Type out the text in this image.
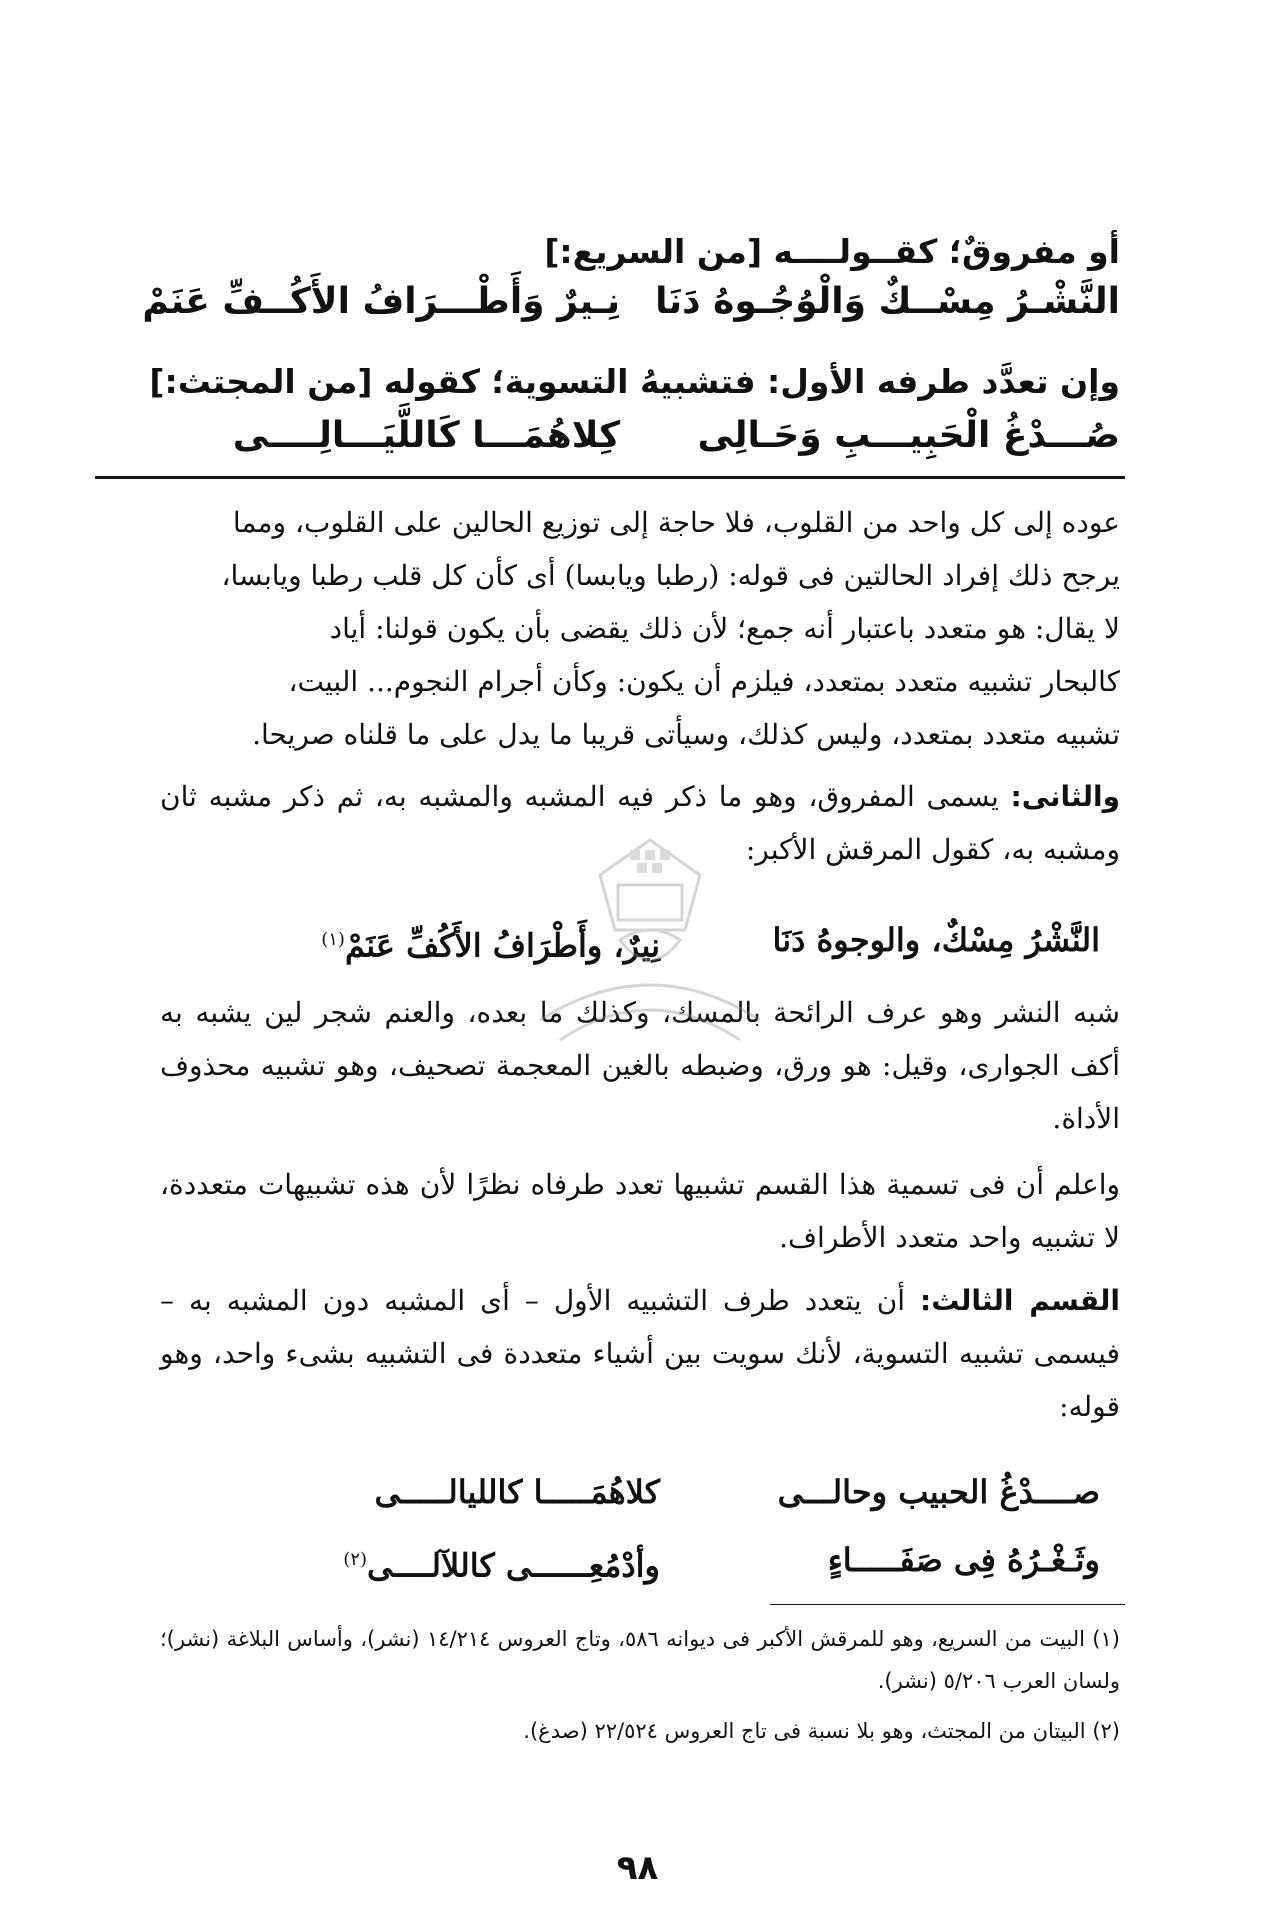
أو مفروقٌ؛ كقــولــــه [من السريع:]
النَّشْـرُ مِسْــكٌ وَالْوُجُـوهُ دَنَا
نِـيرٌ وَأَطْـــرَافُ الأَكُــفِّ عَنَمْ
وإن تعدَّد طرفه الأول: فتشبيهُ التسوية؛ كقوله [من المجتث:]
صُـــدْغُ الْحَبِيـــبِ وَحَـالِى
كِلاهُمَـــا كَاللَّيَـــالِــــى
عوده إلى كل واحد من القلوب، فلا حاجة إلى توزيع الحالين على القلوب، ومما
يرجح ذلك إفراد الحالتين فى قوله: (رطبا ويابسا) أى كأن كل قلب رطبا ويابسا،
لا يقال: هو متعدد باعتبار أنه جمع؛ لأن ذلك يقضى بأن يكون قولنا: أياد
كالبحار تشبيه متعدد بمتعدد، فيلزم أن يكون: وكأن أجرام النجوم... البيت،
تشبيه متعدد بمتعدد، وليس كذلك، وسيأتى قريبا ما يدل على ما قلناه صريحا.
والثانى: يسمى المفروق، وهو ما ذكر فيه المشبه والمشبه به، ثم ذكر مشبه ثان ومشبه به، كقول المرقش الأكبر:
النَّشْرُ مِسْكٌ، والوجوهُ دَنَا
نِيرٌ، وأَطْرَافُ الأَكُفِّ عَنَمْ$^{(١)}$
شبه النشر وهو عرف الرائحة بالمسك، وكذلك ما بعده، والعنم شجر لين يشبه به أكف الجوارى، وقيل: هو ورق، وضبطه بالغين المعجمة تصحيف، وهو تشبيه محذوف الأداة.
واعلم أن فى تسمية هذا القسم تشبيها تعدد طرفاه نظرًا لأن هذه تشبيهات متعددة، لا تشبيه واحد متعدد الأطراف.
القسم الثالث: أن يتعدد طرف التشبيه الأول – أى المشبه دون المشبه به – فيسمى تشبيه التسوية، لأنك سويت بين أشياء متعددة فى التشبيه بشىء واحد، وهو قوله:
صــــدْغُ الحبيب وحالـــى
كلاهُمَـــــا كالليالـــــى
وثَـغْـرُهُ فِى صَفَـــــاءٍ
وأدْمُعِــــــى كاللآلــــى$^{(٢)}$
(١) البيت من السريع، وهو للمرقش الأكبر فى ديوانه ٥٨٦، وتاج العروس ١٤/٢١٤ (نشر)، وأساس البلاغة (نشر)؛ ولسان العرب ٥/٢٠٦ (نشر).
(٢) البيتان من المجتث، وهو بلا نسبة فى تاج العروس ٢٢/٥٢٤ (صدغ).
٩٨
